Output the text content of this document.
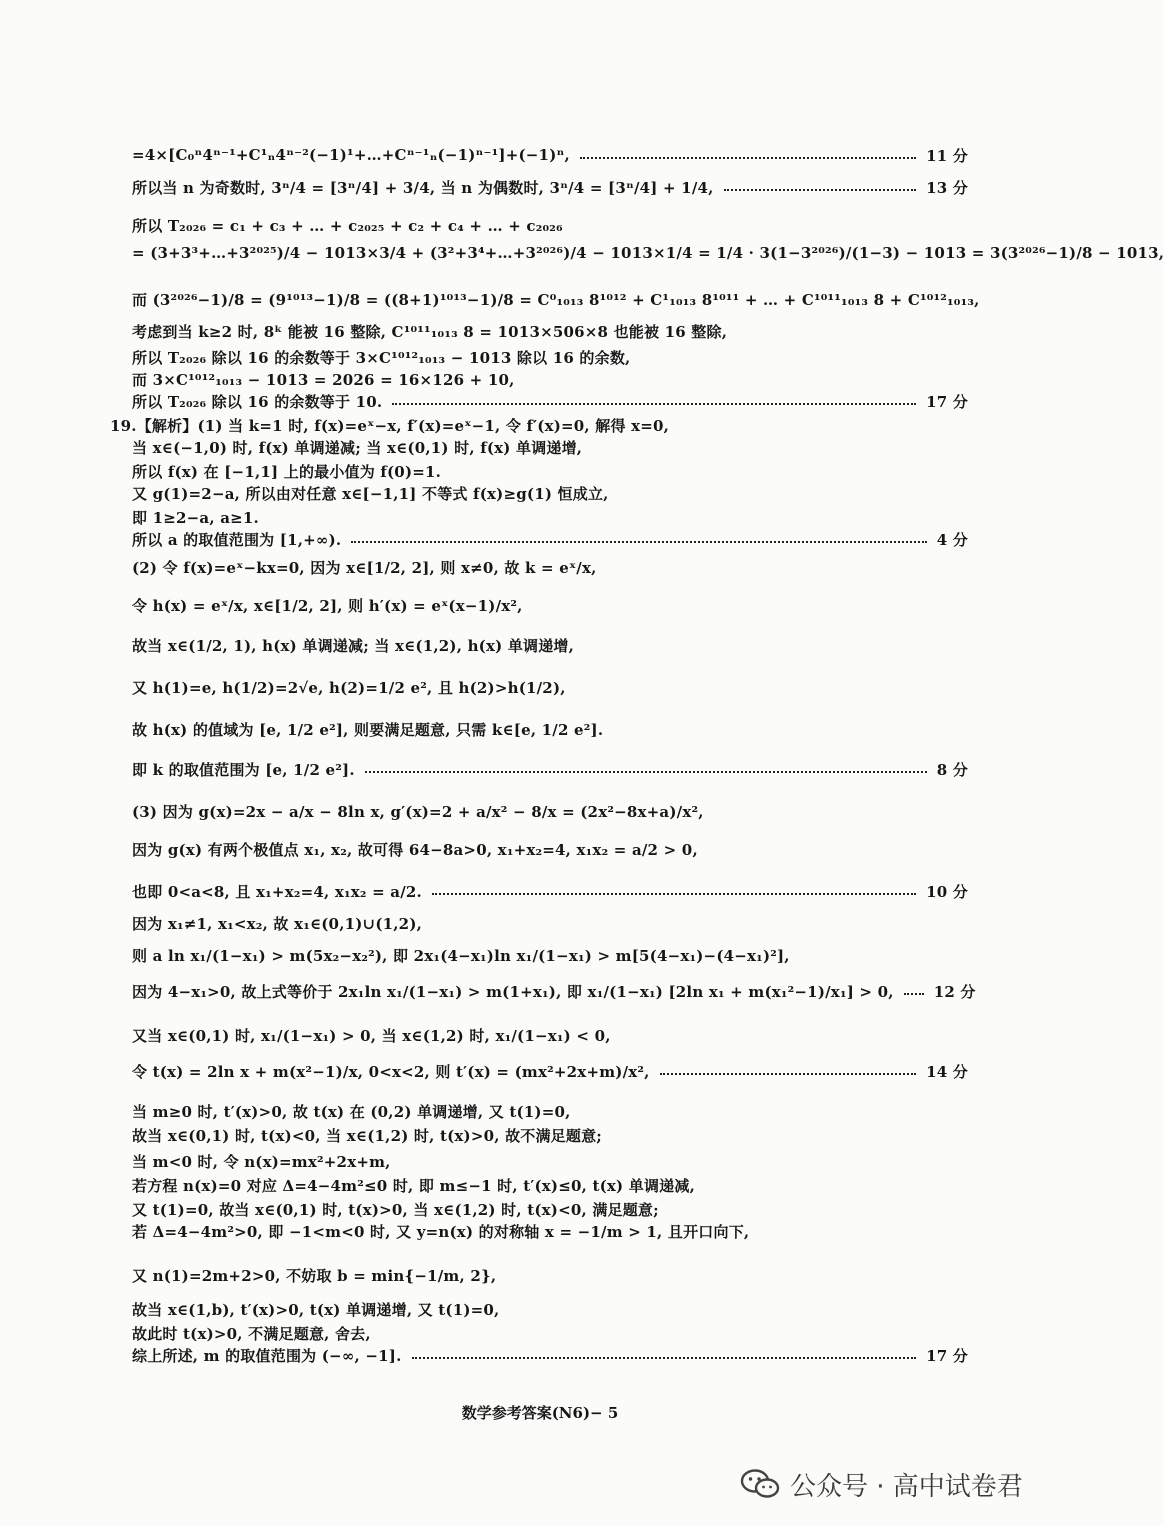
=4×[C₀ⁿ4ⁿ⁻¹+C¹ₙ4ⁿ⁻²(−1)¹+…+Cⁿ⁻¹ₙ(−1)ⁿ⁻¹]+(−1)ⁿ,	11 分
所以当 n 为奇数时, 3ⁿ/4 = [3ⁿ/4] + 3/4, 当 n 为偶数时, 3ⁿ/4 = [3ⁿ/4] + 1/4,	13 分
所以 T₂₀₂₆ = c₁ + c₃ + … + c₂₀₂₅ + c₂ + c₄ + … + c₂₀₂₆
= (3+3³+…+3²⁰²⁵)/4 − 1013×3/4 + (3²+3⁴+…+3²⁰²⁶)/4 − 1013×1/4 = 1/4 · 3(1−3²⁰²⁶)/(1−3) − 1013 = 3(3²⁰²⁶−1)/8 − 1013,
而 (3²⁰²⁶−1)/8 = (9¹⁰¹³−1)/8 = ((8+1)¹⁰¹³−1)/8 = C⁰₁₀₁₃ 8¹⁰¹² + C¹₁₀₁₃ 8¹⁰¹¹ + … + C¹⁰¹¹₁₀₁₃ 8 + C¹⁰¹²₁₀₁₃,
考虑到当 k≥2 时, 8ᵏ 能被 16 整除, C¹⁰¹¹₁₀₁₃ 8 = 1013×506×8 也能被 16 整除,
所以 T₂₀₂₆ 除以 16 的余数等于 3×C¹⁰¹²₁₀₁₃ − 1013 除以 16 的余数,
而 3×C¹⁰¹²₁₀₁₃ − 1013 = 2026 = 16×126 + 10,
所以 T₂₀₂₆ 除以 16 的余数等于 10.	17 分
19.【解析】(1) 当 k=1 时, f(x)=eˣ−x, f′(x)=eˣ−1, 令 f′(x)=0, 解得 x=0,
当 x∈(−1,0) 时, f(x) 单调递减; 当 x∈(0,1) 时, f(x) 单调递增,
所以 f(x) 在 [−1,1] 上的最小值为 f(0)=1.
又 g(1)=2−a, 所以由对任意 x∈[−1,1] 不等式 f(x)≥g(1) 恒成立,
即 1≥2−a, a≥1.
所以 a 的取值范围为 [1,+∞).	4 分
(2) 令 f(x)=eˣ−kx=0, 因为 x∈[1/2, 2], 则 x≠0, 故 k = eˣ/x,
令 h(x) = eˣ/x, x∈[1/2, 2], 则 h′(x) = eˣ(x−1)/x²,
故当 x∈(1/2, 1), h(x) 单调递减; 当 x∈(1,2), h(x) 单调递增,
又 h(1)=e, h(1/2)=2√e, h(2)=1/2 e², 且 h(2)>h(1/2),
故 h(x) 的值域为 [e, 1/2 e²], 则要满足题意, 只需 k∈[e, 1/2 e²].
即 k 的取值范围为 [e, 1/2 e²].	8 分
(3) 因为 g(x)=2x − a/x − 8ln x, g′(x)=2 + a/x² − 8/x = (2x²−8x+a)/x²,
因为 g(x) 有两个极值点 x₁, x₂, 故可得 64−8a>0, x₁+x₂=4, x₁x₂ = a/2 > 0,
也即 0<a<8, 且 x₁+x₂=4, x₁x₂ = a/2.	10 分
因为 x₁≠1, x₁<x₂, 故 x₁∈(0,1)∪(1,2),
则 a ln x₁/(1−x₁) > m(5x₂−x₂²), 即 2x₁(4−x₁)ln x₁/(1−x₁) > m[5(4−x₁)−(4−x₁)²],
因为 4−x₁>0, 故上式等价于 2x₁ln x₁/(1−x₁) > m(1+x₁), 即 x₁/(1−x₁) [2ln x₁ + m(x₁²−1)/x₁] > 0,	12 分
又当 x∈(0,1) 时, x₁/(1−x₁) > 0, 当 x∈(1,2) 时, x₁/(1−x₁) < 0,
令 t(x) = 2ln x + m(x²−1)/x, 0<x<2, 则 t′(x) = (mx²+2x+m)/x²,	14 分
当 m≥0 时, t′(x)>0, 故 t(x) 在 (0,2) 单调递增, 又 t(1)=0,
故当 x∈(0,1) 时, t(x)<0, 当 x∈(1,2) 时, t(x)>0, 故不满足题意;
当 m<0 时, 令 n(x)=mx²+2x+m,
若方程 n(x)=0 对应 Δ=4−4m²≤0 时, 即 m≤−1 时, t′(x)≤0, t(x) 单调递减,
又 t(1)=0, 故当 x∈(0,1) 时, t(x)>0, 当 x∈(1,2) 时, t(x)<0, 满足题意;
若 Δ=4−4m²>0, 即 −1<m<0 时, 又 y=n(x) 的对称轴 x = −1/m > 1, 且开口向下,
又 n(1)=2m+2>0, 不妨取 b = min{−1/m, 2},
故当 x∈(1,b), t′(x)>0, t(x) 单调递增, 又 t(1)=0,
故此时 t(x)>0, 不满足题意, 舍去,
综上所述, m 的取值范围为 (−∞, −1].	17 分
数学参考答案(N6)− 5
公众号 · 高中试卷君
